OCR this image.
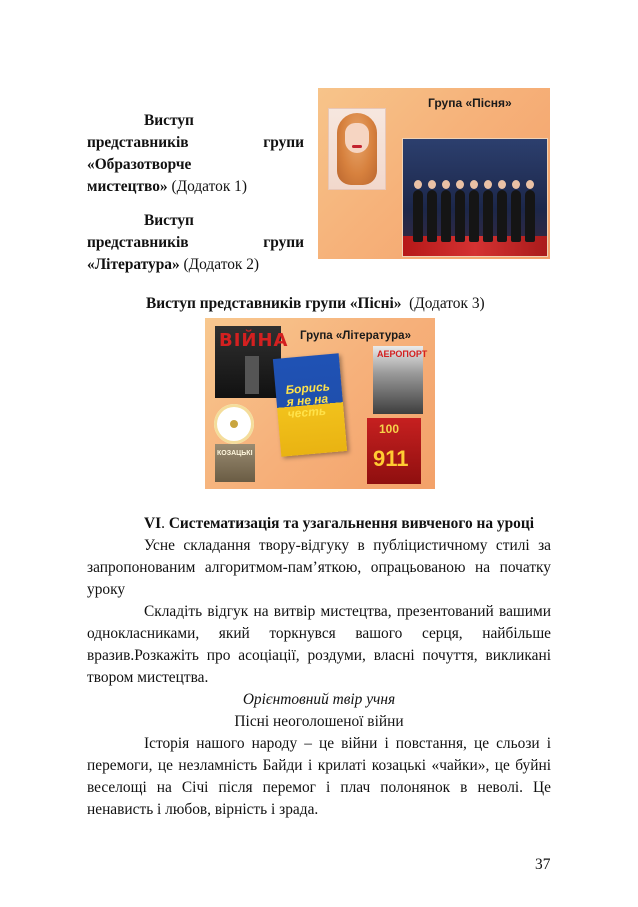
Виступ

представників	групи

«Образотворче

мистецтво» (Додаток 1)

Виступ

представників	групи

«Література» (Додаток 2)

Група «Пісня»
Виступ представників групи «Пісні» (Додаток 3)
Група «Література»
ВІЙНА
Борись
я не на честь
АЕРОПОРТ
КОЗАЦЬКІ
100
911

VI. Систематизація та узагальнення вивченого на уроці

Усне складання твору-відгуку в публіцистичному стилі за запропонованим алгоритмом-пам’яткою, опрацьованою на початку уроку

Складіть відгук на витвір мистецтва, презентований вашими однокласниками, який торкнувся вашого серця, найбільше вразив.Розкажіть про асоціації, роздуми, власні почуття, викликані твором мистецтва.

Орієнтовний твір учня

Пісні неоголошеної війни

Історія нашого народу – це війни і повстання, це сльози і перемоги, це незламність Байди і крилаті козацькі «чайки», це буйні веселощі на Січі після перемог і плач полонянок в неволі. Це ненависть і любов, вірність і зрада.

37
